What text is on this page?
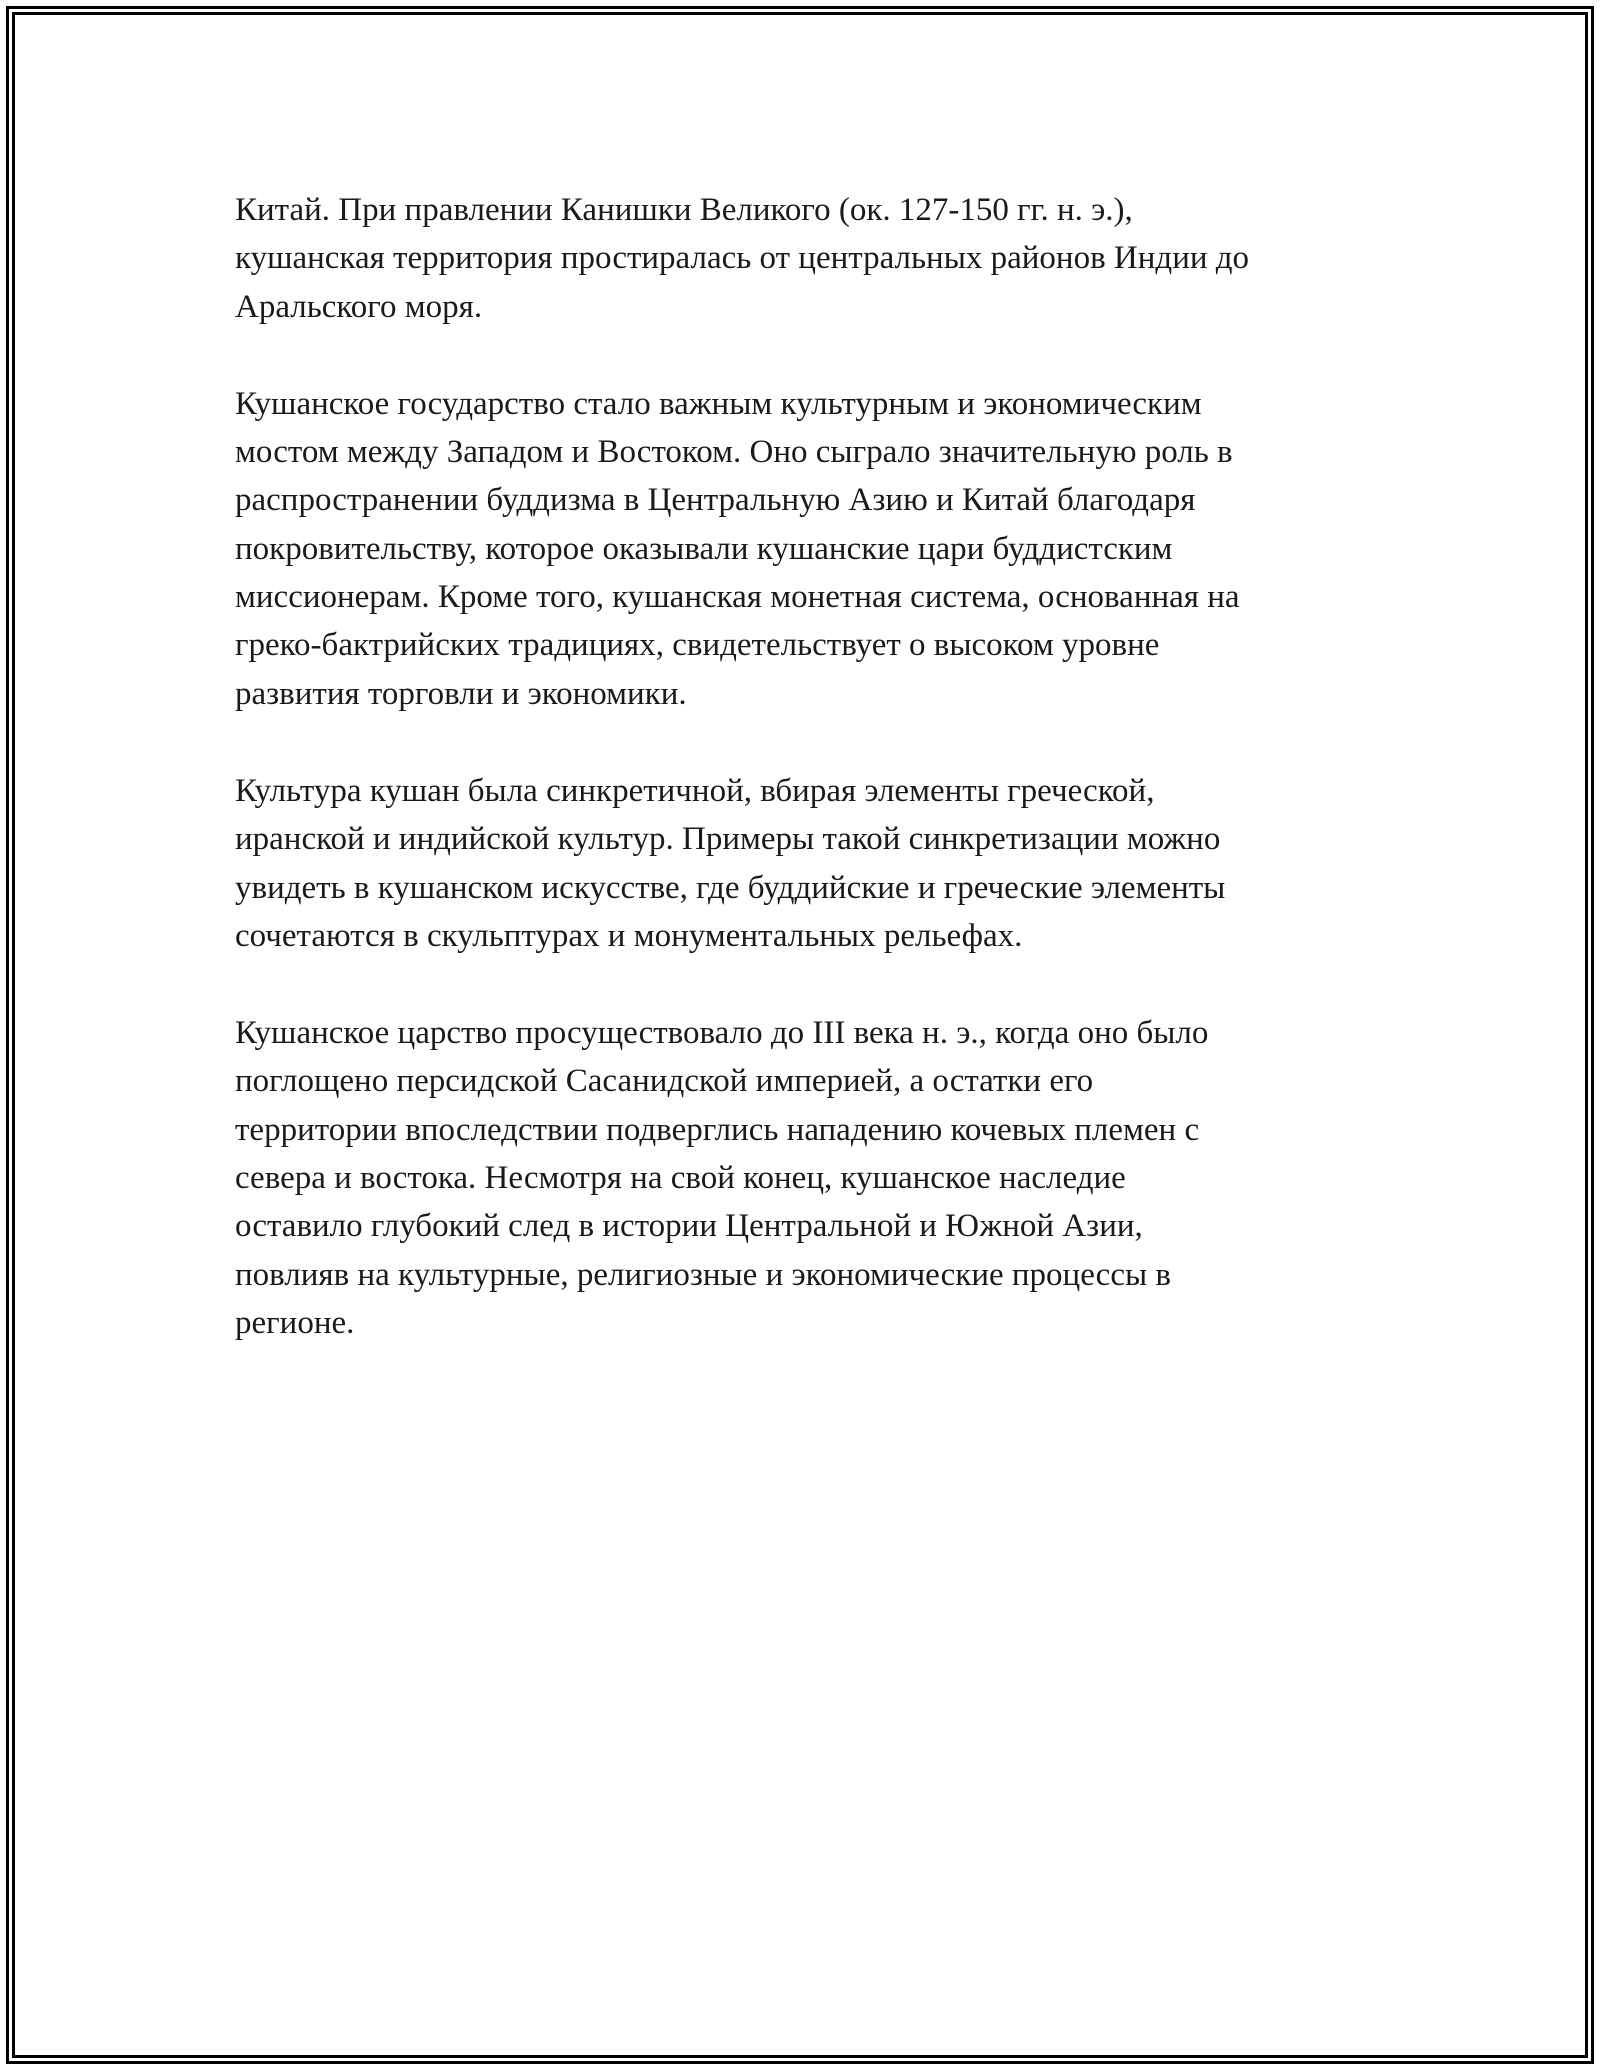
Китай. При правлении Канишки Великого (ок. 127-150 гг. н. э.),
кушанская территория простиралась от центральных районов Индии до
Аральского моря.

Кушанское государство стало важным культурным и экономическим
мостом между Западом и Востоком. Оно сыграло значительную роль в
распространении буддизма в Центральную Азию и Китай благодаря
покровительству, которое оказывали кушанские цари буддистским
миссионерам. Кроме того, кушанская монетная система, основанная на
греко-бактрийских традициях, свидетельствует о высоком уровне
развития торговли и экономики.

Культура кушан была синкретичной, вбирая элементы греческой,
иранской и индийской культур. Примеры такой синкретизации можно
увидеть в кушанском искусстве, где буддийские и греческие элементы
сочетаются в скульптурах и монументальных рельефах.

Кушанское царство просуществовало до III века н. э., когда оно было
поглощено персидской Сасанидской империей, а остатки его
территории впоследствии подверглись нападению кочевых племен с
севера и востока. Несмотря на свой конец, кушанское наследие
оставило глубокий след в истории Центральной и Южной Азии,
повлияв на культурные, религиозные и экономические процессы в
регионе.
